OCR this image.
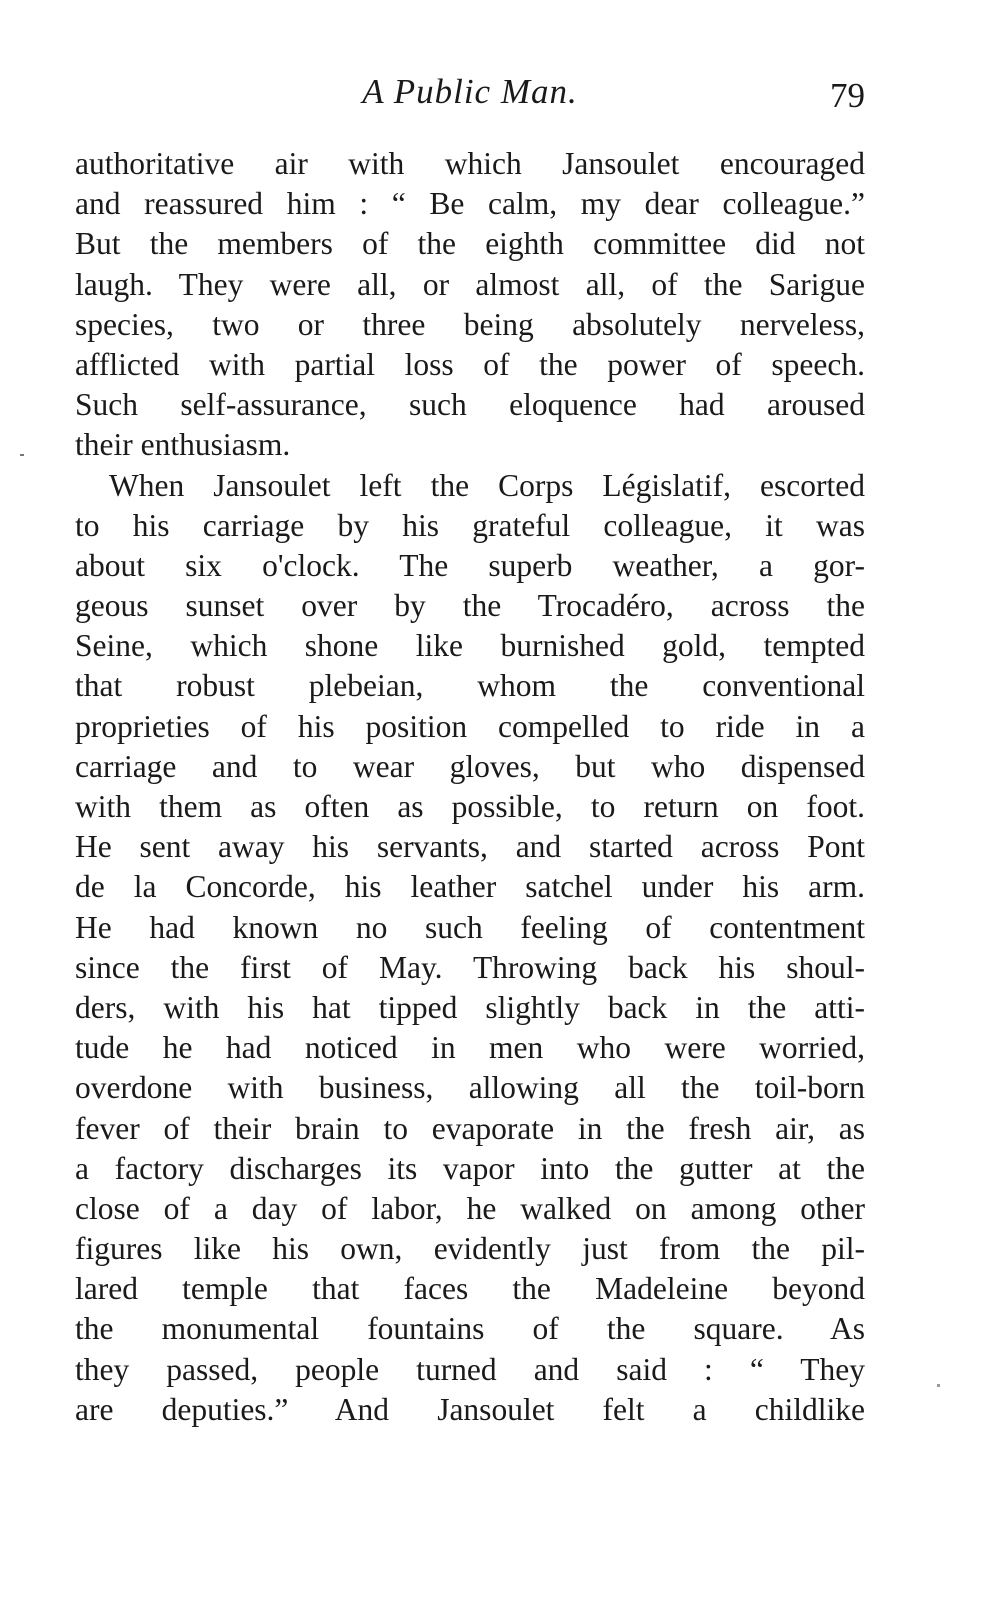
A Public Man.	79
authoritative air with which Jansoulet encouraged
and reassured him : “ Be calm, my dear colleague.”
But the members of the eighth committee did not
laugh. They were all, or almost all, of the Sarigue
species, two or three being absolutely nerveless,
afflicted with partial loss of the power of speech.
Such self-assurance, such eloquence had aroused
their enthusiasm.
When Jansoulet left the Corps Législatif, escorted
to his carriage by his grateful colleague, it was
about six o'clock. The superb weather, a gor-
geous sunset over by the Trocadéro, across the
Seine, which shone like burnished gold, tempted
that robust plebeian, whom the conventional
proprieties of his position compelled to ride in a
carriage and to wear gloves, but who dispensed
with them as often as possible, to return on foot.
He sent away his servants, and started across Pont
de la Concorde, his leather satchel under his arm.
He had known no such feeling of contentment
since the first of May. Throwing back his shoul-
ders, with his hat tipped slightly back in the atti-
tude he had noticed in men who were worried,
overdone with business, allowing all the toil-born
fever of their brain to evaporate in the fresh air, as
a factory discharges its vapor into the gutter at the
close of a day of labor, he walked on among other
figures like his own, evidently just from the pil-
lared temple that faces the Madeleine beyond
the monumental fountains of the square. As
they passed, people turned and said : “ They
are deputies.” And Jansoulet felt a childlike
